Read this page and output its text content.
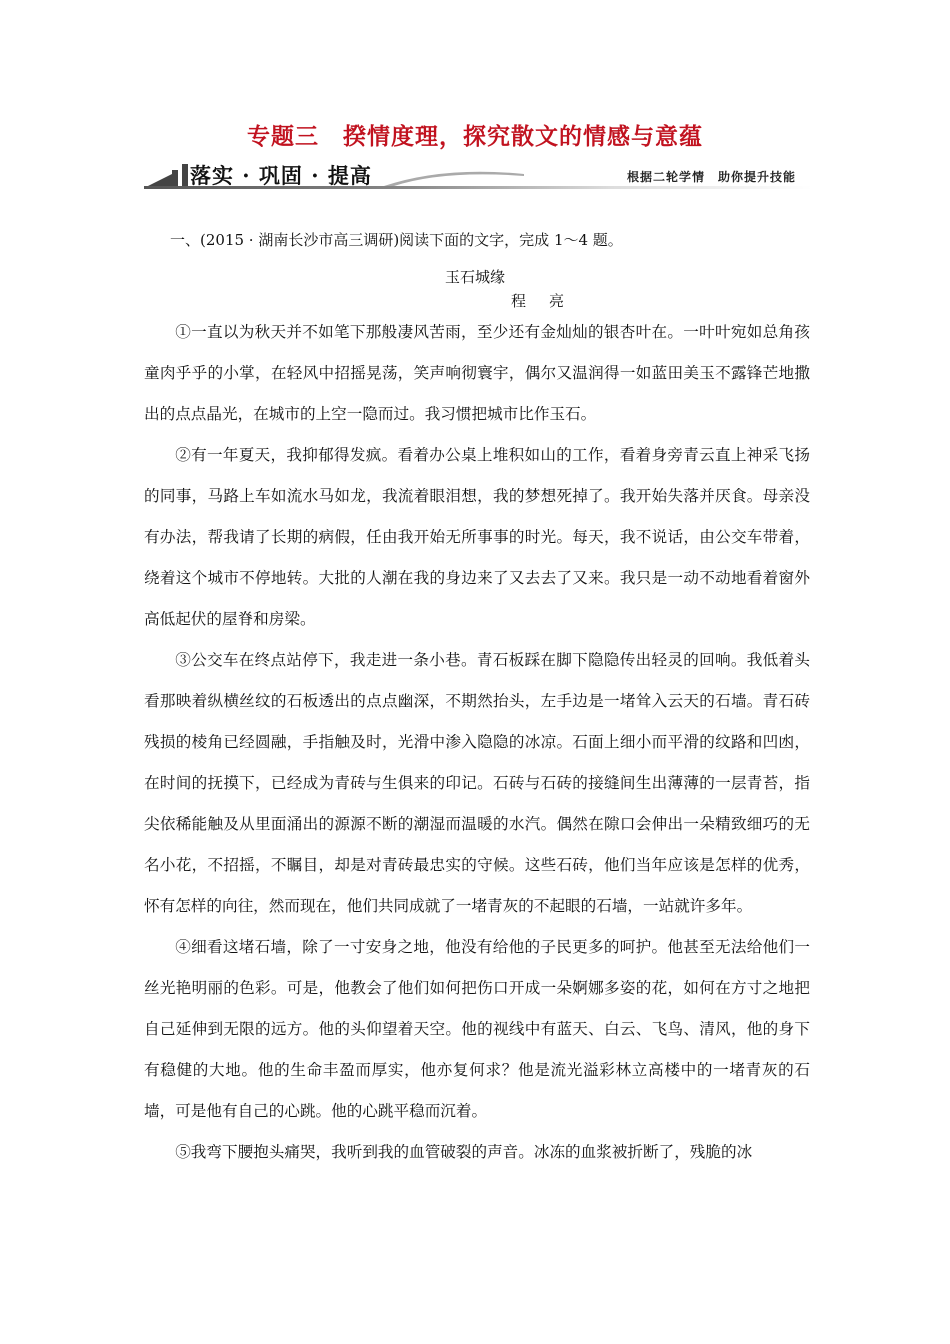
专题三　揆情度理，探究散文的情感与意蕴
落实 · 巩固 · 提高	根据二轮学情　助你提升技能
一、(2015 · 湖南长沙市高三调研)阅读下面的文字，完成 1～4 题。
玉石城缘
程　亮

①一直以为秋天并不如笔下那般凄风苦雨，至少还有金灿灿的银杏叶在。一叶叶宛如总角孩童肉乎乎的小掌，在轻风中招摇晃荡，笑声响彻寰宇，偶尔又温润得一如蓝田美玉不露锋芒地撒出的点点晶光，在城市的上空一隐而过。我习惯把城市比作玉石。

②有一年夏天，我抑郁得发疯。看着办公桌上堆积如山的工作，看着身旁青云直上神采飞扬的同事，马路上车如流水马如龙，我流着眼泪想，我的梦想死掉了。我开始失落并厌食。母亲没有办法，帮我请了长期的病假，任由我开始无所事事的时光。每天，我不说话，由公交车带着，绕着这个城市不停地转。大批的人潮在我的身边来了又去去了又来。我只是一动不动地看着窗外高低起伏的屋脊和房梁。

③公交车在终点站停下，我走进一条小巷。青石板踩在脚下隐隐传出轻灵的回响。我低着头看那映着纵横丝纹的石板透出的点点幽深，不期然抬头，左手边是一堵耸入云天的石墙。青石砖残损的棱角已经圆融，手指触及时，光滑中渗入隐隐的冰凉。石面上细小而平滑的纹路和凹凼，在时间的抚摸下，已经成为青砖与生俱来的印记。石砖与石砖的接缝间生出薄薄的一层青苔，指尖依稀能触及从里面涌出的源源不断的潮湿而温暖的水汽。偶然在隙口会伸出一朵精致细巧的无名小花，不招摇，不瞩目，却是对青砖最忠实的守候。这些石砖，他们当年应该是怎样的优秀，怀有怎样的向往，然而现在，他们共同成就了一堵青灰的不起眼的石墙，一站就许多年。

④细看这堵石墙，除了一寸安身之地，他没有给他的子民更多的呵护。他甚至无法给他们一丝光艳明丽的色彩。可是，他教会了他们如何把伤口开成一朵婀娜多姿的花，如何在方寸之地把自己延伸到无限的远方。他的头仰望着天空。他的视线中有蓝天、白云、飞鸟、清风，他的身下有稳健的大地。他的生命丰盈而厚实，他亦复何求？他是流光溢彩林立高楼中的一堵青灰的石墙，可是他有自己的心跳。他的心跳平稳而沉着。

⑤我弯下腰抱头痛哭，我听到我的血管破裂的声音。冰冻的血浆被折断了，残脆的冰
